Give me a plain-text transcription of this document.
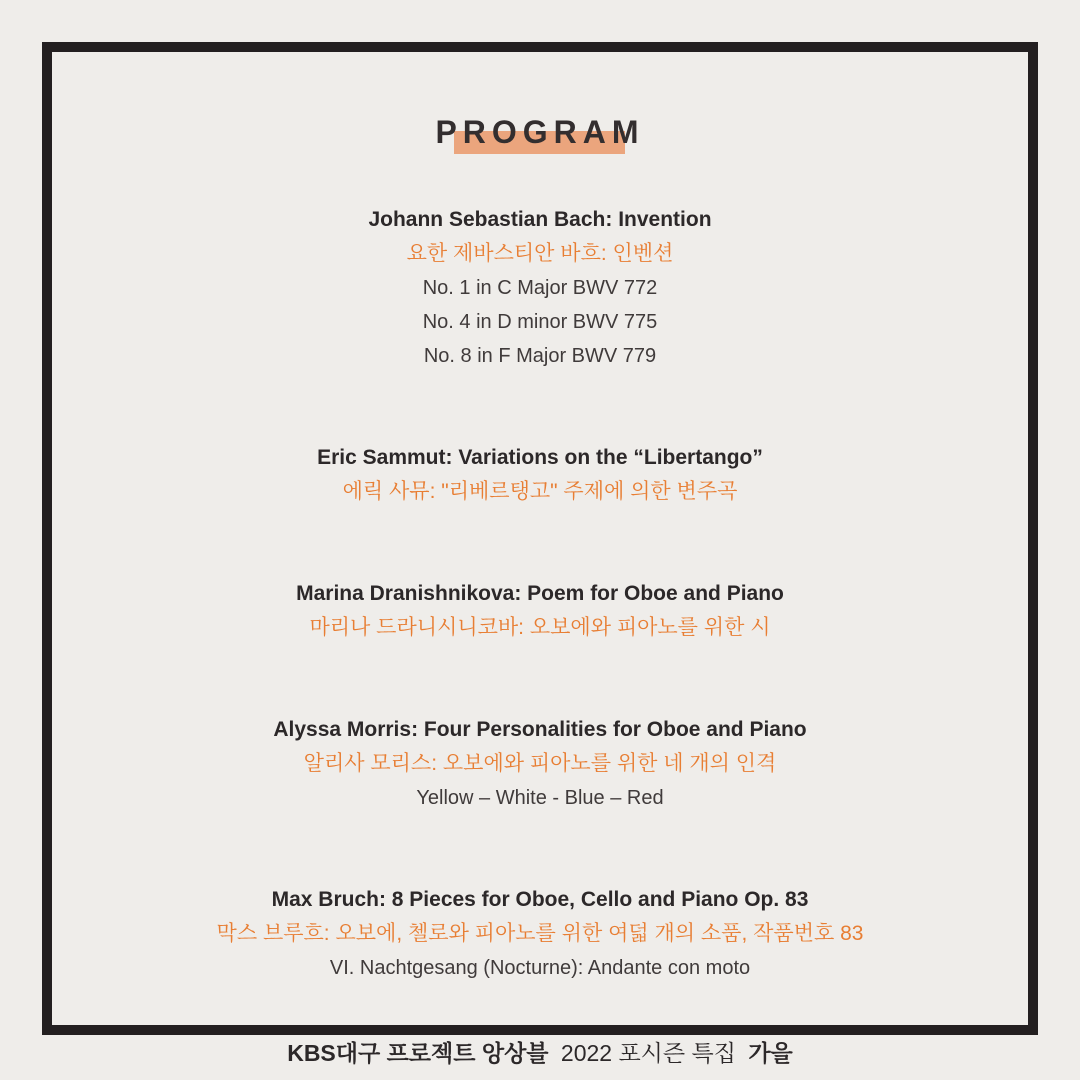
PROGRAM
Johann Sebastian Bach: Invention
요한 제바스티안 바흐: 인벤션
No. 1 in C Major BWV 772
No. 4 in D minor BWV 775
No. 8 in F Major BWV 779
Eric Sammut: Variations on the “Libertango”
에릭 사뮤: "리베르탱고" 주제에 의한 변주곡
Marina Dranishnikova: Poem for Oboe and Piano
마리나 드라니시니코바: 오보에와 피아노를 위한 시
Alyssa Morris: Four Personalities for Oboe and Piano
알리사 모리스: 오보에와 피아노를 위한 네 개의 인격
Yellow – White - Blue – Red
Max Bruch: 8 Pieces for Oboe, Cello and Piano Op. 83
막스 브루흐: 오보에, 첼로와 피아노를 위한 여덟 개의 소품, 작품번호 83
VI. Nachtgesang (Nocturne): Andante con moto
KBS대구 프로젝트 앙상블 2022 포시즌 특집 가을
